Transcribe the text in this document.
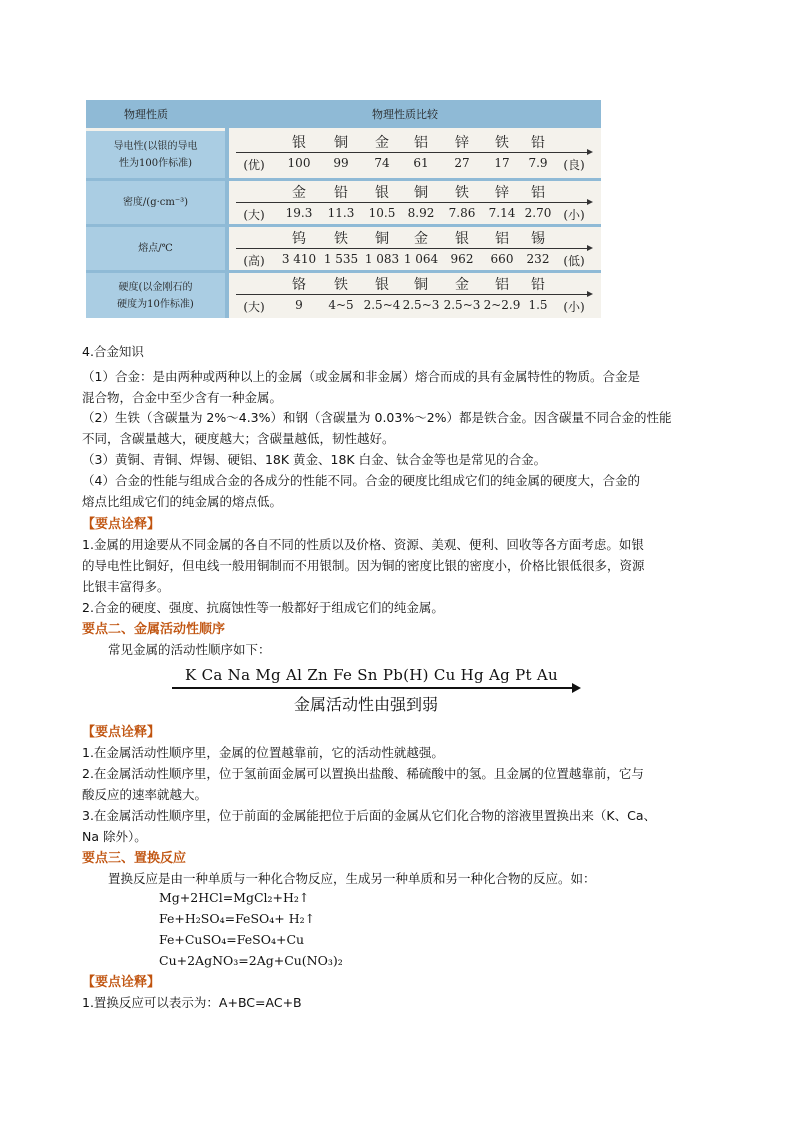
物理性质	物理性质比较
导电性(以银的导电
性为100作标准)
密度/(g·cm⁻³)
熔点/℃
硬度(以金刚石的
硬度为10作标准)
银 铜 金 铝 锌 铁 铅
(优) 100 99 74 61 27 17 7.9 (良)
金 铅 银 铜 铁 锌 铝
(大) 19.3 11.3 10.5 8.92 7.86 7.14 2.70 (小)
钨 铁 铜 金 银 铝 锡
(高) 3 410 1 535 1 083 1 064 962 660 232 (低)
铬 铁 银 铜 金 铝 铅
(大)	9 4~5 2.5~4 2.5~3 2.5~3 2~2.9 1.5 (小)
4.合金知识
（1）合金：是由两种或两种以上的金属（或金属和非金属）熔合而成的具有金属特性的物质。合金是
混合物，合金中至少含有一种金属。
（2）生铁（含碳量为 2%～4.3%）和钢（含碳量为 0.03%～2%）都是铁合金。因含碳量不同合金的性能
不同，含碳量越大，硬度越大；含碳量越低，韧性越好。
（3）黄铜、青铜、焊锡、硬铝、18K 黄金、18K 白金、钛合金等也是常见的合金。
（4）合金的性能与组成合金的各成分的性能不同。合金的硬度比组成它们的纯金属的硬度大，合金的
熔点比组成它们的纯金属的熔点低。
【要点诠释】
1.金属的用途要从不同金属的各自不同的性质以及价格、资源、美观、便利、回收等各方面考虑。如银
的导电性比铜好，但电线一般用铜制而不用银制。因为铜的密度比银的密度小，价格比银低很多，资源
比银丰富得多。
2.合金的硬度、强度、抗腐蚀性等一般都好于组成它们的纯金属。
要点二、金属活动性顺序
常见金属的活动性顺序如下：
K Ca Na Mg Al Zn Fe Sn Pb(H) Cu Hg Ag Pt Au
金属活动性由强到弱
【要点诠释】
1.在金属活动性顺序里，金属的位置越靠前，它的活动性就越强。
2.在金属活动性顺序里，位于氢前面金属可以置换出盐酸、稀硫酸中的氢。且金属的位置越靠前，它与
酸反应的速率就越大。
3.在金属活动性顺序里，位于前面的金属能把位于后面的金属从它们化合物的溶液里置换出来（K、Ca、
Na 除外）。
要点三、置换反应
置换反应是由一种单质与一种化合物反应，生成另一种单质和另一种化合物的反应。如：
Mg+2HCl=MgCl₂+H₂↑
Fe+H₂SO₄=FeSO₄+ H₂↑
Fe+CuSO₄=FeSO₄+Cu
Cu+2AgNO₃=2Ag+Cu(NO₃)₂
【要点诠释】
1.置换反应可以表示为：A+BC=AC+B
